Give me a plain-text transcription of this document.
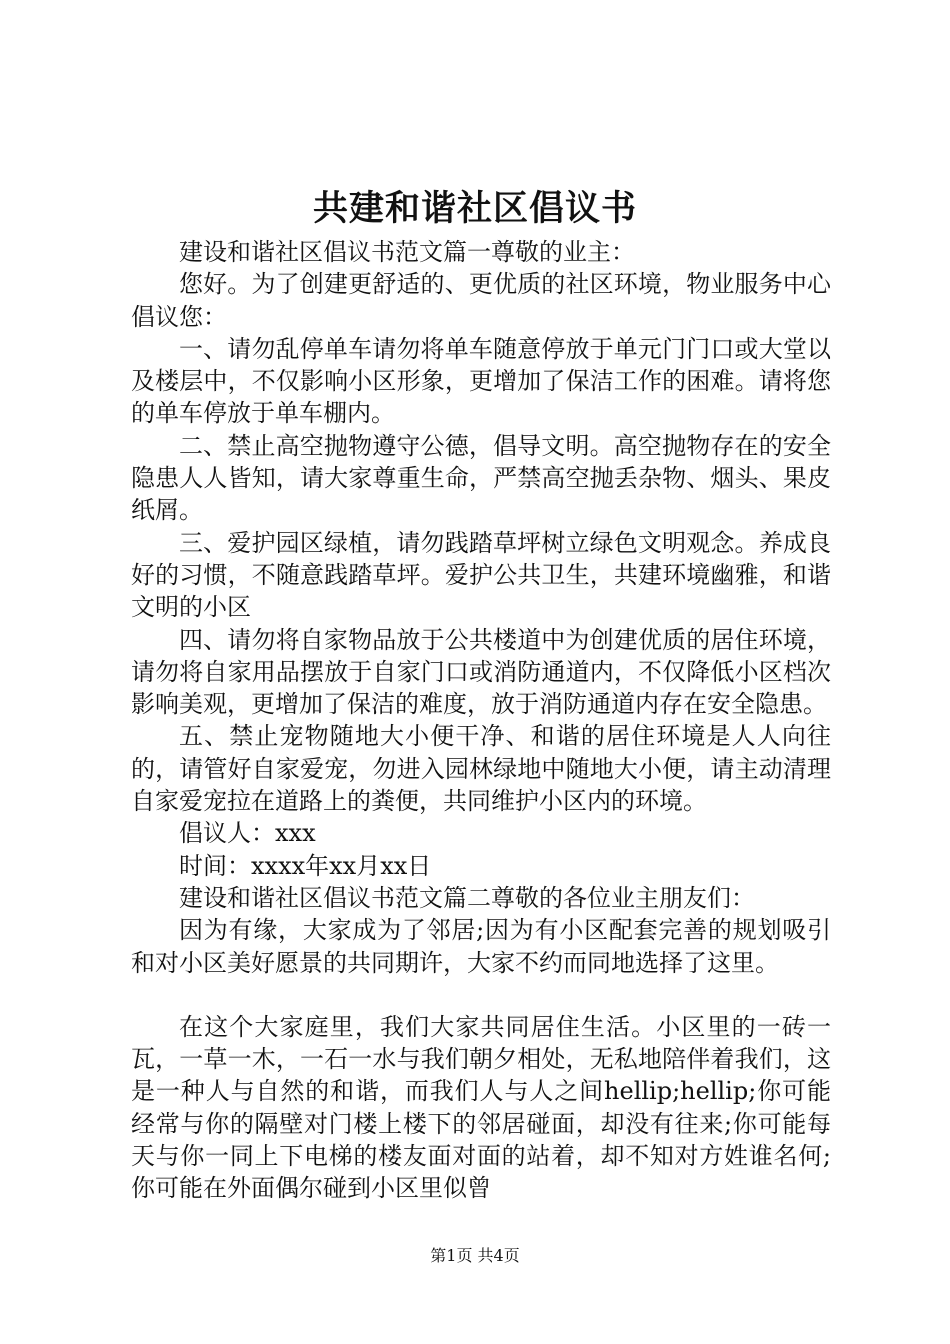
共建和谐社区倡议书

建设和谐社区倡议书范文篇一尊敬的业主：

您好。为了创建更舒适的、更优质的社区环境，物业服务中心倡议您：

一、请勿乱停单车请勿将单车随意停放于单元门门口或大堂以及楼层中，不仅影响小区形象，更增加了保洁工作的困难。请将您的单车停放于单车棚内。

二、禁止高空抛物遵守公德，倡导文明。高空抛物存在的安全隐患人人皆知，请大家尊重生命，严禁高空抛丢杂物、烟头、果皮纸屑。

三、爱护园区绿植，请勿践踏草坪树立绿色文明观念。养成良好的习惯，不随意践踏草坪。爱护公共卫生，共建环境幽雅，和谐文明的小区

四、请勿将自家物品放于公共楼道中为创建优质的居住环境，请勿将自家用品摆放于自家门口或消防通道内，不仅降低小区档次影响美观，更增加了保洁的难度，放于消防通道内存在安全隐患。

五、禁止宠物随地大小便干净、和谐的居住环境是人人向往的，请管好自家爱宠，勿进入园林绿地中随地大小便，请主动清理自家爱宠拉在道路上的粪便，共同维护小区内的环境。

倡议人：xxx

时间：xxxx年xx月xx日

建设和谐社区倡议书范文篇二尊敬的各位业主朋友们：

因为有缘，大家成为了邻居;因为有小区配套完善的规划吸引和对小区美好愿景的共同期许，大家不约而同地选择了这里。

在这个大家庭里，我们大家共同居住生活。小区里的一砖一瓦，一草一木，一石一水与我们朝夕相处，无私地陪伴着我们，这是一种人与自然的和谐，而我们人与人之间hellip;hellip;你可能经常与你的隔壁对门楼上楼下的邻居碰面，却没有往来;你可能每天与你一同上下电梯的楼友面对面的站着，却不知对方姓谁名何;你可能在外面偶尔碰到小区里似曾

第1页 共4页
